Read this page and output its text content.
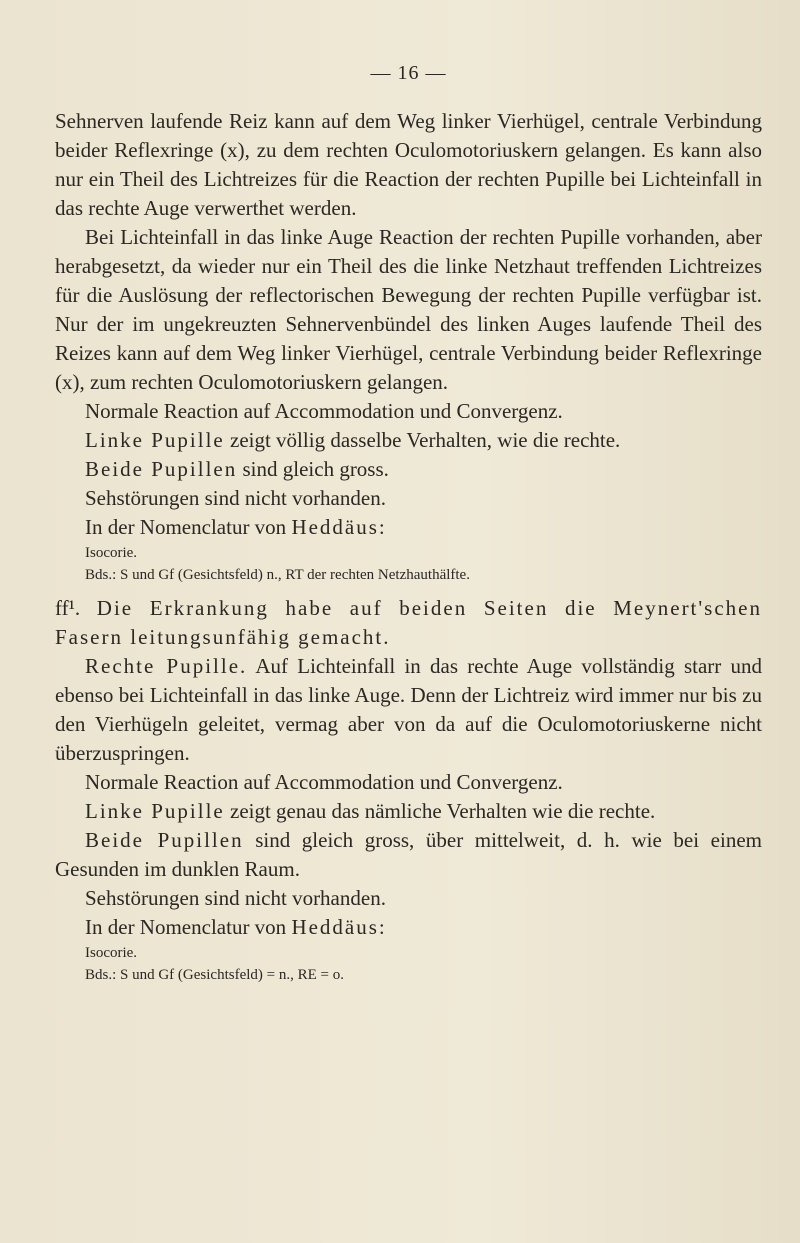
— 16 —

Sehnerven laufende Reiz kann auf dem Weg linker Vierhügel, centrale Verbindung beider Reflexringe (x), zu dem rechten Oculomotoriuskern gelangen. Es kann also nur ein Theil des Lichtreizes für die Reaction der rechten Pupille bei Lichteinfall in das rechte Auge verwerthet werden.

Bei Lichteinfall in das linke Auge Reaction der rechten Pupille vorhanden, aber herabgesetzt, da wieder nur ein Theil des die linke Netzhaut treffenden Lichtreizes für die Auslösung der reflectorischen Bewegung der rechten Pupille verfügbar ist. Nur der im ungekreuzten Sehnervenbündel des linken Auges laufende Theil des Reizes kann auf dem Weg linker Vierhügel, centrale Verbindung beider Reflexringe (x), zum rechten Oculomotoriuskern gelangen.

Normale Reaction auf Accommodation und Convergenz.

Linke Pupille zeigt völlig dasselbe Verhalten, wie die rechte.

Beide Pupillen sind gleich gross.

Sehstörungen sind nicht vorhanden.

In der Nomenclatur von Heddäus:

Isocorie.

Bds.: S und Gf (Gesichtsfeld) n., RT der rechten Netzhauthälfte.

ff¹. Die Erkrankung habe auf beiden Seiten die Meynert'schen Fasern leitungsunfähig gemacht.

Rechte Pupille. Auf Lichteinfall in das rechte Auge vollständig starr und ebenso bei Lichteinfall in das linke Auge. Denn der Lichtreiz wird immer nur bis zu den Vierhügeln geleitet, vermag aber von da auf die Oculomotoriuskerne nicht überzuspringen.

Normale Reaction auf Accommodation und Convergenz.

Linke Pupille zeigt genau das nämliche Verhalten wie die rechte.

Beide Pupillen sind gleich gross, über mittelweit, d. h. wie bei einem Gesunden im dunklen Raum.

Sehstörungen sind nicht vorhanden.

In der Nomenclatur von Heddäus:

Isocorie.

Bds.: S und Gf (Gesichtsfeld) = n., RE = o.
